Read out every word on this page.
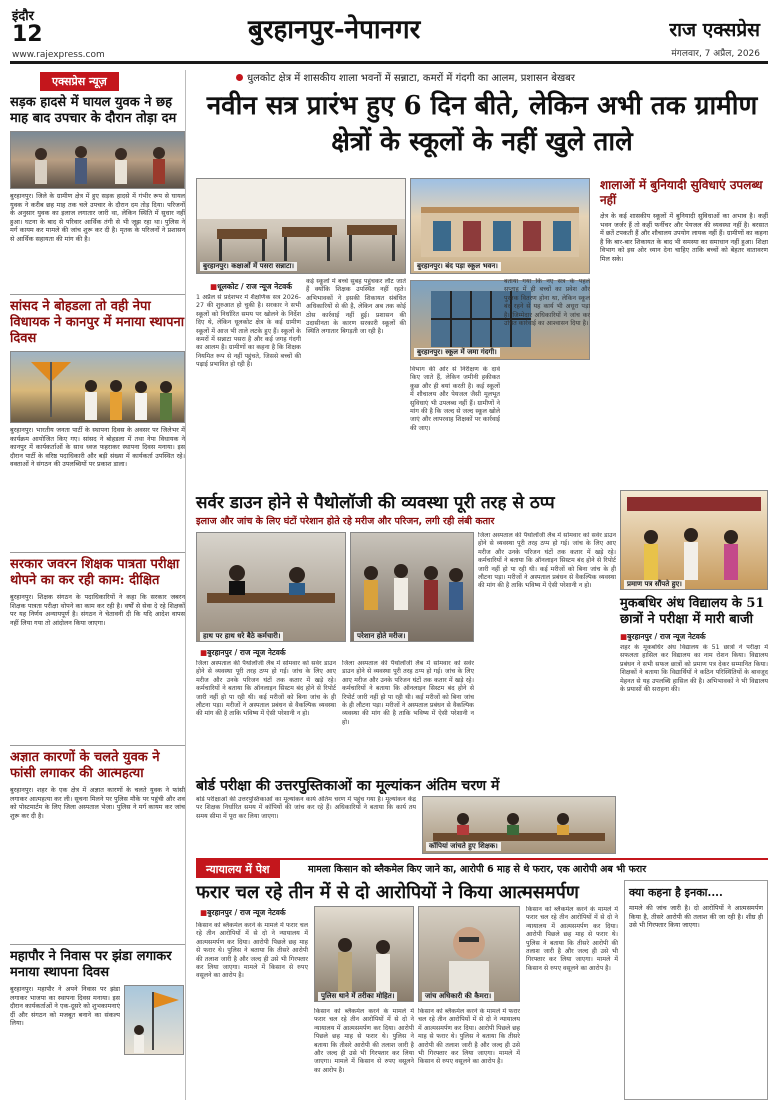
इंदौर
12
www.rajexpress.com
बुरहानपुर-नेपानगर	राज एक्सप्रेस
मंगलवार, 7 अप्रैल, 2026
एक्सप्रेस न्यूज़
सड़क हादसे में घायल युवक ने छह माह बाद उपचार के दौरान तोड़ा दम
बुरहानपुर। जिले के ग्रामीण क्षेत्र में हुए सड़क हादसे में गंभीर रूप से घायल युवक ने करीब छह माह तक चले उपचार के दौरान दम तोड़ दिया। परिजनों के अनुसार युवक का इलाज लगातार जारी था, लेकिन स्थिति में सुधार नहीं हुआ। घटना के बाद से परिवार आर्थिक तंगी से भी जूझ रहा था। पुलिस ने मर्ग कायम कर मामले की जांच शुरू कर दी है। मृतक के परिजनों ने प्रशासन से आर्थिक सहायता की मांग की है।
सांसद ने बोहडला तो वही नेपा विधायक ने कानपुर में मनाया स्थापना दिवस
बुरहानपुर। भारतीय जनता पार्टी के स्थापना दिवस के अवसर पर जिलेभर में कार्यक्रम आयोजित किए गए। सांसद ने बोहडला में तथा नेपा विधायक ने कानपुर में कार्यकर्ताओं के साथ ध्वज फहराकर स्थापना दिवस मनाया। इस दौरान पार्टी के वरिष्ठ पदाधिकारी और बड़ी संख्या में कार्यकर्ता उपस्थित रहे। वक्ताओं ने संगठन की उपलब्धियों पर प्रकाश डाला।
सरकार जवरन शिक्षक पात्रता परीक्षा थोपने का कर रही काम: दीक्षित
बुरहानपुर। शिक्षक संगठन के पदाधिकारियों ने कहा कि सरकार जबरन शिक्षक पात्रता परीक्षा थोपने का काम कर रही है। वर्षों से सेवा दे रहे शिक्षकों पर यह निर्णय अन्यायपूर्ण है। संगठन ने चेतावनी दी कि यदि आदेश वापस नहीं लिया गया तो आंदोलन किया जाएगा।
अज्ञात कारणों के चलते युवक ने फांसी लगाकर की आत्महत्या
बुरहानपुर। शहर के एक क्षेत्र में अज्ञात कारणों के चलते युवक ने फांसी लगाकर आत्महत्या कर ली। सूचना मिलने पर पुलिस मौके पर पहुंची और शव को पोस्टमार्टम के लिए जिला अस्पताल भेजा। पुलिस ने मर्ग कायम कर जांच शुरू कर दी है।
महापौर ने निवास पर झंडा लगाकर मनाया स्थापना दिवस
बुरहानपुर। महापौर ने अपने निवास पर झंडा लगाकर भाजपा का स्थापना दिवस मनाया। इस दौरान कार्यकर्ताओं ने एक-दूसरे को शुभकामनाएं दीं और संगठन को मजबूत बनाने का संकल्प लिया।
धुलकोट क्षेत्र में शासकीय शाला भवनों में सन्नाटा, कमरों में गंदगी का आलम, प्रशासन बेखबर
नवीन सत्र प्रारंभ हुए 6 दिन बीते, लेकिन अभी तक ग्रामीण क्षेत्रों के स्कूलों के नहीं खुले ताले
बुरहानपुर। कक्षाओं में पसरा सन्नाटा।	बुरहानपुर। बंद पड़ा स्कूल भवन।
बुरहानपुर। स्कूल में जमा गंदगी।
■ धूलकोट / राज न्यूज नेटवर्क
1 अप्रैल से प्रदेशभर में शैक्षणिक सत्र 2026-27 की शुरुआत हो चुकी है। सरकार ने सभी स्कूलों को निर्धारित समय पर खोलने के निर्देश दिए थे, लेकिन धूलकोट क्षेत्र के कई ग्रामीण स्कूलों में आज भी ताले लटके हुए हैं। स्कूलों के कमरों में सन्नाटा पसरा है और कई जगह गंदगी का आलम है। ग्रामीणों का कहना है कि शिक्षक नियमित रूप से नहीं पहुंचते, जिससे बच्चों की पढ़ाई प्रभावित हो रही है।
कई स्कूलों में बच्चे सुबह पहुंचकर लौट जाते हैं क्योंकि शिक्षक उपस्थित नहीं रहते। अभिभावकों ने इसकी शिकायत संबंधित अधिकारियों से की है, लेकिन अब तक कोई ठोस कार्रवाई नहीं हुई। प्रशासन की उदासीनता के कारण सरकारी स्कूलों की स्थिति लगातार बिगड़ती जा रही है।
विभाग की ओर से निरीक्षण के दावे किए जाते हैं, लेकिन जमीनी हकीकत कुछ और ही बयां करती है। कई स्कूलों में शौचालय और पेयजल जैसी मूलभूत सुविधाएं भी उपलब्ध नहीं हैं। ग्रामीणों ने मांग की है कि जल्द से जल्द स्कूल खोले जाएं और लापरवाह शिक्षकों पर कार्रवाई की जाए।
बताया गया कि नए सत्र के पहले सप्ताह में ही बच्चों का प्रवेश और पुस्तक वितरण होना था, लेकिन स्कूल बंद रहने से यह कार्य भी अधूरा पड़ा है। जिम्मेदार अधिकारियों ने जांच कर उचित कार्रवाई का आश्वासन दिया है।
शालाओं में बुनियादी सुविधाएं उपलब्ध नहीं
क्षेत्र के कई शासकीय स्कूलों में बुनियादी सुविधाओं का अभाव है। कहीं भवन जर्जर हैं तो कहीं फर्नीचर और पेयजल की व्यवस्था नहीं है। बरसात में छतें टपकती हैं और शौचालय उपयोग लायक नहीं हैं। ग्रामीणों का कहना है कि बार-बार शिकायत के बाद भी समस्या का समाधान नहीं हुआ। शिक्षा विभाग को इस ओर ध्यान देना चाहिए ताकि बच्चों को बेहतर वातावरण मिल सके।
सर्वर डाउन होने से पैथोलॉजी की व्यवस्था पूरी तरह से ठप्प
इलाज और जांच के लिए घंटों परेशान होते रहे मरीज और परिजन, लगी रही लंबी कतार
हाथ पर हाथ धरे बैठे कर्मचारी।	परेशान होते मरीज।
■ बुरहानपुर / राज न्यूज नेटवर्क
जिला अस्पताल की पैथोलॉजी लैब में सोमवार को सर्वर डाउन होने से व्यवस्था पूरी तरह ठप्प हो गई। जांच के लिए आए मरीज और उनके परिजन घंटों तक कतार में खड़े रहे। कर्मचारियों ने बताया कि ऑनलाइन सिस्टम बंद होने से रिपोर्ट जारी नहीं हो पा रही थी। कई मरीजों को बिना जांच के ही लौटना पड़ा। मरीजों ने अस्पताल प्रबंधन से वैकल्पिक व्यवस्था की मांग की है ताकि भविष्य में ऐसी परेशानी न हो।
जिला अस्पताल की पैथोलॉजी लैब में सोमवार को सर्वर डाउन होने से व्यवस्था पूरी तरह ठप्प हो गई। जांच के लिए आए मरीज और उनके परिजन घंटों तक कतार में खड़े रहे। कर्मचारियों ने बताया कि ऑनलाइन सिस्टम बंद होने से रिपोर्ट जारी नहीं हो पा रही थी। कई मरीजों को बिना जांच के ही लौटना पड़ा। मरीजों ने अस्पताल प्रबंधन से वैकल्पिक व्यवस्था की मांग की है ताकि भविष्य में ऐसी परेशानी न हो।
जिला अस्पताल की पैथोलॉजी लैब में सोमवार को सर्वर डाउन होने से व्यवस्था पूरी तरह ठप्प हो गई। जांच के लिए आए मरीज और उनके परिजन घंटों तक कतार में खड़े रहे। कर्मचारियों ने बताया कि ऑनलाइन सिस्टम बंद होने से रिपोर्ट जारी नहीं हो पा रही थी। कई मरीजों को बिना जांच के ही लौटना पड़ा। मरीजों ने अस्पताल प्रबंधन से वैकल्पिक व्यवस्था की मांग की है ताकि भविष्य में ऐसी परेशानी न हो।
बोर्ड परीक्षा की उत्तरपुस्तिकाओं का मूल्यांकन अंतिम चरण में
बोर्ड परीक्षाओं की उत्तरपुस्तिकाओं का मूल्यांकन कार्य अंतिम चरण में पहुंच गया है। मूल्यांकन केंद्र पर शिक्षक निर्धारित समय में कॉपियों की जांच कर रहे हैं। अधिकारियों ने बताया कि कार्य तय समय सीमा में पूरा कर लिया जाएगा।
कॉपियां जांचते हुए शिक्षक।
प्रमाण पत्र सौंपते हुए।
मुकबधिर अंध विद्यालय के 51 छात्रों ने परीक्षा में मारी बाजी
■ बुरहानपुर / राज न्यूज नेटवर्क
शहर के मूकबधिर अंध विद्यालय के 51 छात्रों ने परीक्षा में सफलता हासिल कर विद्यालय का नाम रोशन किया। विद्यालय प्रबंधन ने सभी सफल छात्रों को प्रमाण पत्र देकर सम्मानित किया। शिक्षकों ने बताया कि विद्यार्थियों ने कठिन परिस्थितियों के बावजूद मेहनत से यह उपलब्धि हासिल की है। अभिभावकों ने भी विद्यालय के प्रयासों की सराहना की।
न्यायालय में पेश	मामला किसान को ब्लैकमेल किए जाने का, आरोपी 6 माह से थे फरार, एक आरोपी अब भी फरार
फरार चल रहे तीन में से दो आरोपियों ने किया आत्मसमर्पण
■ बुरहानपुर / राज न्यूज नेटवर्क
किसान को ब्लैकमेल करने के मामले में फरार चल रहे तीन आरोपियों में से दो ने न्यायालय में आत्मसमर्पण कर दिया। आरोपी पिछले छह माह से फरार थे। पुलिस ने बताया कि तीसरे आरोपी की तलाश जारी है और जल्द ही उसे भी गिरफ्तार कर लिया जाएगा। मामले में किसान से रुपए वसूलने का आरोप है।
पुलिस थाने में तरीका मोहित।	जांच अधिकारी की कैमरा।
किसान को ब्लैकमेल करने के मामले में फरार चल रहे तीन आरोपियों में से दो ने न्यायालय में आत्मसमर्पण कर दिया। आरोपी पिछले छह माह से फरार थे। पुलिस ने बताया कि तीसरे आरोपी की तलाश जारी है और जल्द ही उसे भी गिरफ्तार कर लिया जाएगा। मामले में किसान से रुपए वसूलने का आरोप है।
किसान को ब्लैकमेल करने के मामले में फरार चल रहे तीन आरोपियों में से दो ने न्यायालय में आत्मसमर्पण कर दिया। आरोपी पिछले छह माह से फरार थे। पुलिस ने बताया कि तीसरे आरोपी की तलाश जारी है और जल्द ही उसे भी गिरफ्तार कर लिया जाएगा। मामले में किसान से रुपए वसूलने का आरोप है।
किसान को ब्लैकमेल करने के मामले में फरार चल रहे तीन आरोपियों में से दो ने न्यायालय में आत्मसमर्पण कर दिया। आरोपी पिछले छह माह से फरार थे। पुलिस ने बताया कि तीसरे आरोपी की तलाश जारी है और जल्द ही उसे भी गिरफ्तार कर लिया जाएगा। मामले में किसान से रुपए वसूलने का आरोप है।
क्या कहना है इनका....
मामले की जांच जारी है। दो आरोपियों ने आत्मसमर्पण किया है, तीसरे आरोपी की तलाश की जा रही है। शीघ्र ही उसे भी गिरफ्तार किया जाएगा।
